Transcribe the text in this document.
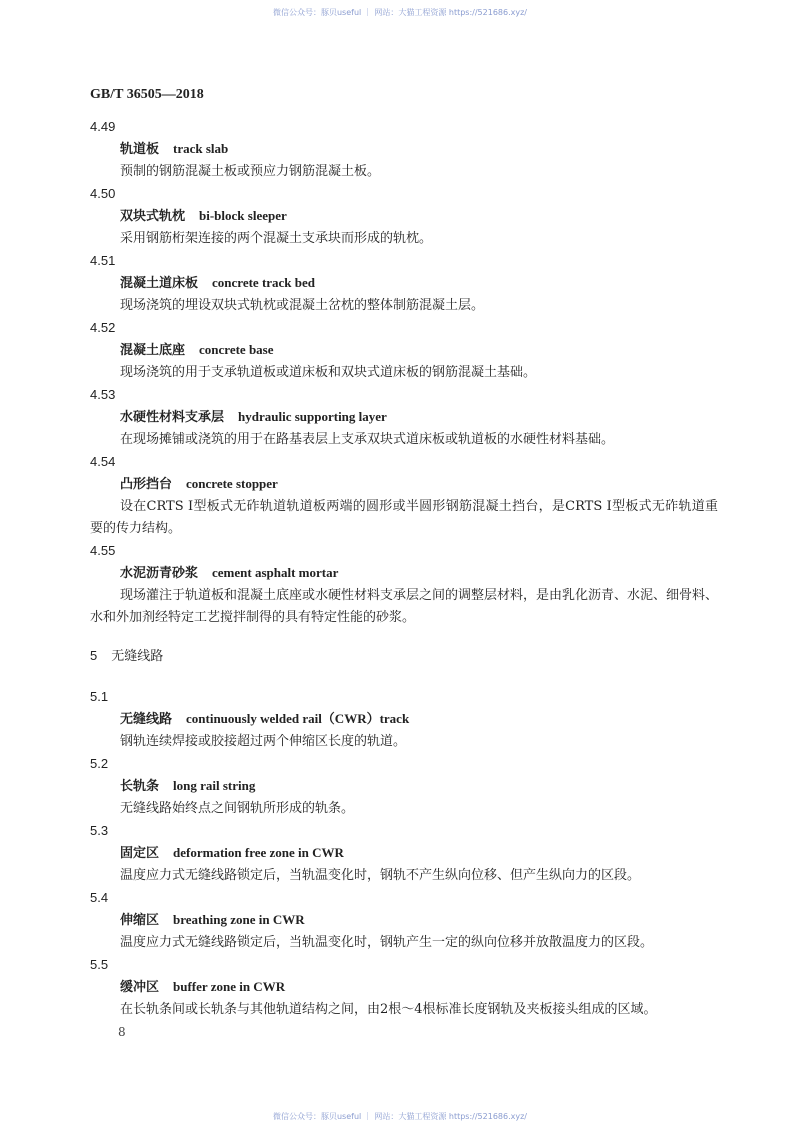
微信公众号：豚贝useful ｜ 网站：大猫工程资源 https://521686.xyz/
GB/T 36505—2018
4.49
轨道板 track slab
预制的钢筋混凝土板或预应力钢筋混凝土板。
4.50
双块式轨枕 bi-block sleeper
采用钢筋桁架连接的两个混凝土支承块而形成的轨枕。
4.51
混凝土道床板 concrete track bed
现场浇筑的埋设双块式轨枕或混凝土岔枕的整体制筋混凝土层。
4.52
混凝土底座 concrete base
现场浇筑的用于支承轨道板或道床板和双块式道床板的钢筋混凝土基础。
4.53
水硬性材料支承层 hydraulic supporting layer
在现场摊铺或浇筑的用于在路基表层上支承双块式道床板或轨道板的水硬性材料基础。
4.54
凸形挡台 concrete stopper
设在CRTS Ⅰ型板式无砟轨道轨道板两端的圆形或半圆形钢筋混凝土挡台，是CRTS Ⅰ型板式无砟轨道重要的传力结构。
4.55
水泥沥青砂浆 cement asphalt mortar
现场灌注于轨道板和混凝土底座或水硬性材料支承层之间的调整层材料，是由乳化沥青、水泥、细骨料、水和外加剂经特定工艺搅拌制得的具有特定性能的砂浆。
5 无缝线路
5.1
无缝线路 continuously welded rail（CWR）track
钢轨连续焊接或胶接超过两个伸缩区长度的轨道。
5.2
长轨条 long rail string
无缝线路始终点之间钢轨所形成的轨条。
5.3
固定区 deformation free zone in CWR
温度应力式无缝线路锁定后，当轨温变化时，钢轨不产生纵向位移、但产生纵向力的区段。
5.4
伸缩区 breathing zone in CWR
温度应力式无缝线路锁定后，当轨温变化时，钢轨产生一定的纵向位移并放散温度力的区段。
5.5
缓冲区 buffer zone in CWR
在长轨条间或长轨条与其他轨道结构之间，由2根～4根标准长度钢轨及夹板接头组成的区域。
8
微信公众号：豚贝useful ｜ 网站：大猫工程资源 https://521686.xyz/
